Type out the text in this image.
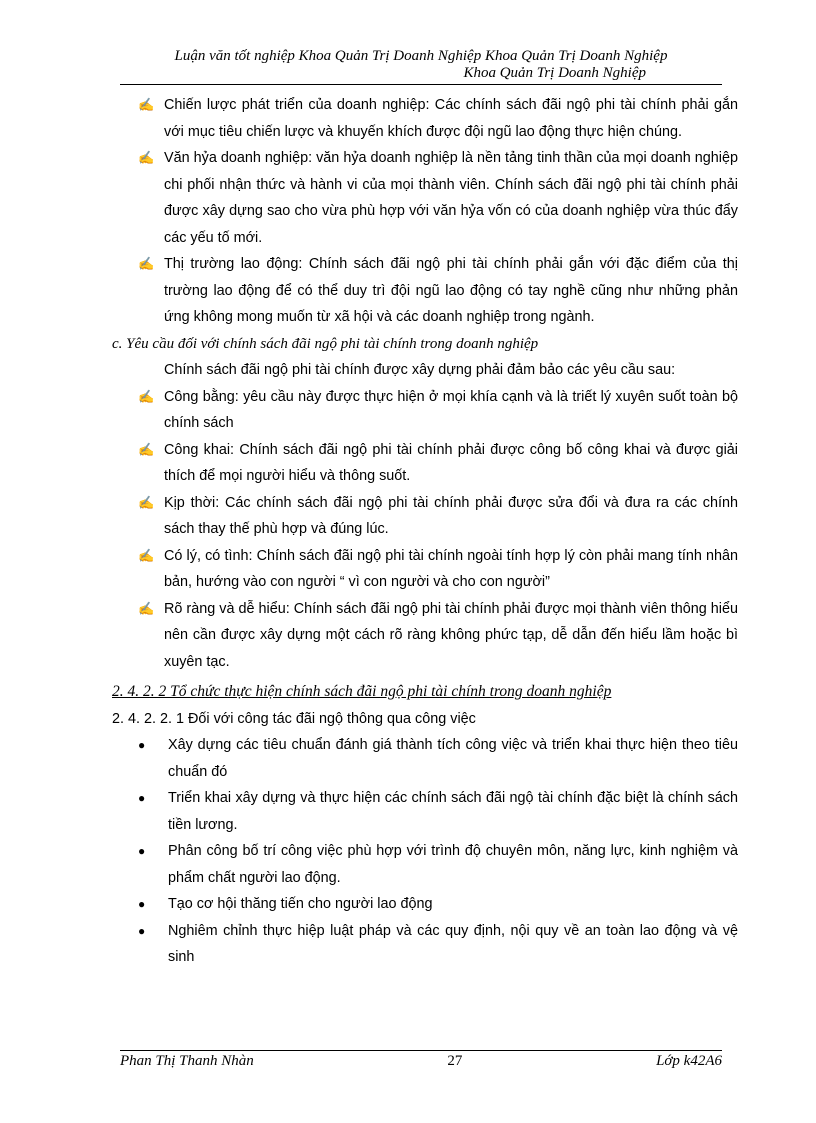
Luận văn tốt nghiệp Khoa Quản Trị Doanh Nghiệp Khoa Quản Trị Doanh Nghiệp
Khoa Quản Trị Doanh Nghiệp
✍ Chiến lược phát triển của doanh nghiệp: Các chính sách đãi ngộ phi tài chính phải gắn với mục tiêu chiến lược và khuyến khích được đội ngũ lao động thực hiện chúng.
✍ Văn hỷa doanh nghiệp: văn hỷa doanh nghiệp là nền tảng tinh thần của mọi doanh nghiệp chi phối nhận thức và hành vi của mọi thành viên. Chính sách đãi ngộ phi tài chính phải được xây dựng sao cho vừa phù hợp với văn hỷa vốn có của doanh nghiệp vừa thúc đẩy các yếu tố mới.
✍ Thị trường lao động: Chính sách đãi ngộ phi tài chính phải gắn với đặc điểm của thị trường lao động để có thể duy trì đội ngũ lao động có tay nghề cũng như những phản ứng không mong muốn từ xã hội và các doanh nghiệp trong ngành.
c. Yêu cầu đối với chính sách đãi ngộ phi tài chính trong doanh nghiệp
Chính sách đãi ngộ phi tài chính được xây dựng phải đảm bảo các yêu cầu sau:
✍ Công bằng: yêu cầu này được thực hiện ở mọi khía cạnh và là triết lý xuyên suốt toàn bộ chính sách
✍ Công khai: Chính sách đãi ngộ phi tài chính phải được công bố công khai và được giải thích để mọi người hiểu và thông suốt.
✍ Kịp thời: Các chính sách đãi ngộ phi tài chính phải được sửa đổi và đưa ra các chính sách thay thế phù hợp và đúng lúc.
✍ Có lý, có tình: Chính sách đãi ngộ phi tài chính ngoài tính hợp lý còn phải mang tính nhân bản, hướng vào con người “ vì con người và cho con người”
✍ Rõ ràng và dễ hiểu: Chính sách đãi ngộ phi tài chính phải được mọi thành viên thông hiểu nên cần được xây dựng một cách rõ ràng không phức tạp, dễ dẫn đến hiểu lầm hoặc bì xuyên tạc.
2. 4. 2. 2 Tổ chức thực hiện chính sách đãi ngộ phi tài chính trong doanh nghiệp
2. 4. 2. 2. 1 Đối với công tác đãi ngộ thông qua công việc
●	Xây dựng các tiêu chuẩn đánh giá thành tích công việc và triển khai thực hiện theo tiêu chuẩn đó
●	Triển khai xây dựng và thực hiện các chính sách đãi ngộ tài chính đặc biệt là chính sách tiền lương.
●	Phân công bố trí công việc phù hợp với trình độ chuyên môn, năng lực, kinh nghiệm và phẩm chất người lao động.
●	Tạo cơ hội thăng tiến cho người lao động
●	Nghiêm chỉnh thực hiệp luật pháp và các quy định, nội quy về an toàn lao động và vệ sinh
Phan Thị Thanh Nhàn	27	Lớp k42A6
